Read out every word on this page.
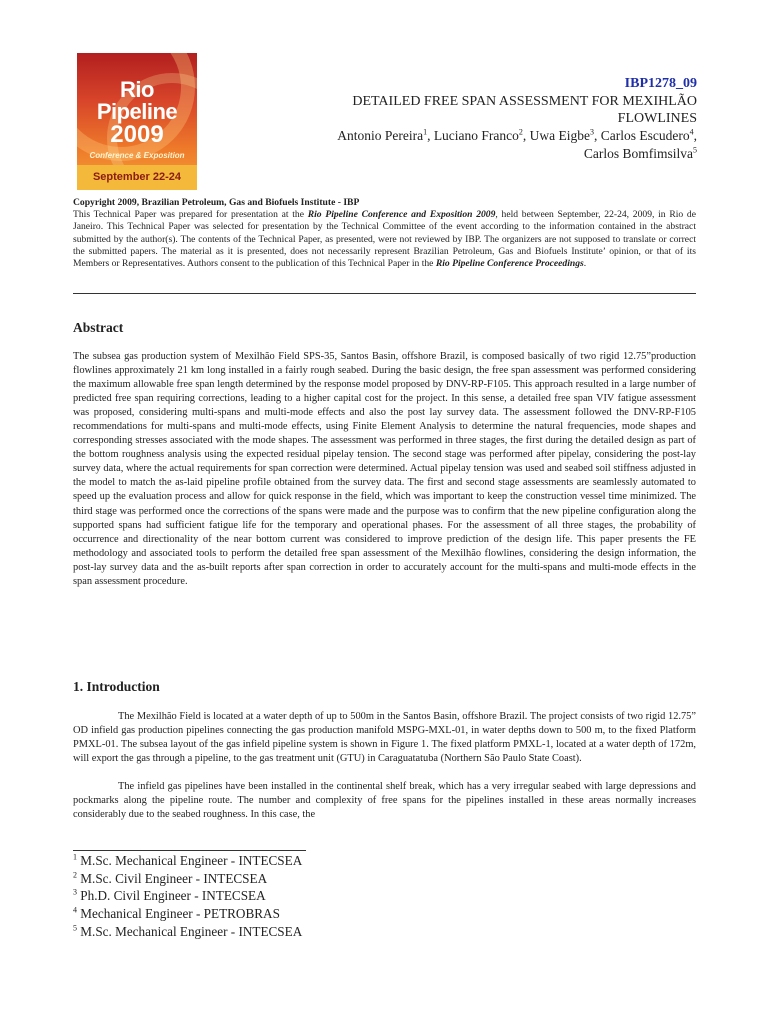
Rio
Pipeline
2009
Conference & Exposition
September 22-24
IBP1278_09
DETAILED FREE SPAN ASSESSMENT FOR MEXIHLÃO
FLOWLINES
Antonio Pereira$^1$, Luciano Franco$^2$, Uwa Eigbe$^3$, Carlos Escudero$^4$,
Carlos Bomfimsilva$^5$
Copyright 2009, Brazilian Petroleum, Gas and Biofuels Institute - IBP
This Technical Paper was prepared for presentation at the Rio Pipeline Conference and Exposition 2009, held between September, 22-24, 2009, in Rio de Janeiro. This Technical Paper was selected for presentation by the Technical Committee of the event according to the information contained in the abstract submitted by the author(s). The contents of the Technical Paper, as presented, were not reviewed by IBP. The organizers are not supposed to translate or correct the submitted papers. The material as it is presented, does not necessarily represent Brazilian Petroleum, Gas and Biofuels Institute’ opinion, or that of its Members or Representatives. Authors consent to the publication of this Technical Paper in the Rio Pipeline Conference Proceedings.
Abstract

The subsea gas production system of Mexilhão Field SPS-35, Santos Basin, offshore Brazil, is composed basically of two rigid 12.75”production flowlines approximately 21 km long installed in a fairly rough seabed. During the basic design, the free span assessment was performed considering the maximum allowable free span length determined by the response model proposed by DNV-RP-F105. This approach resulted in a large number of predicted free span requiring corrections, leading to a higher capital cost for the project. In this sense, a detailed free span VIV fatigue assessment was proposed, considering multi-spans and multi-mode effects and also the post lay survey data. The assessment followed the DNV-RP-F105 recommendations for multi-spans and multi-mode effects, using Finite Element Analysis to determine the natural frequencies, mode shapes and corresponding stresses associated with the mode shapes. The assessment was performed in three stages, the first during the detailed design as part of the bottom roughness analysis using the expected residual pipelay tension. The second stage was performed after pipelay, considering the post-lay survey data, where the actual requirements for span correction were determined. Actual pipelay tension was used and seabed soil stiffness adjusted in the model to match the as-laid pipeline profile obtained from the survey data. The first and second stage assessments are seamlessly automated to speed up the evaluation process and allow for quick response in the field, which was important to keep the construction vessel time minimized. The third stage was performed once the corrections of the spans were made and the purpose was to confirm that the new pipeline configuration along the supported spans had sufficient fatigue life for the temporary and operational phases. For the assessment of all three stages, the probability of occurrence and directionality of the near bottom current was considered to improve prediction of the design life. This paper presents the FE methodology and associated tools to perform the detailed free span assessment of the Mexilhão flowlines, considering the design information, the post-lay survey data and the as-built reports after span correction in order to accurately account for the multi-spans and multi-mode effects in the span assessment procedure.

1. Introduction

The Mexilhão Field is located at a water depth of up to 500m in the Santos Basin, offshore Brazil. The project consists of two rigid 12.75” OD infield gas production pipelines connecting the gas production manifold MSPG-MXL-01, in water depths down to 500 m, to the fixed Platform PMXL-01. The subsea layout of the gas infield pipeline system is shown in Figure 1. The fixed platform PMXL-1, located at a water depth of 172m, will export the gas through a pipeline, to the gas treatment unit (GTU) in Caraguatatuba (Northern São Paulo State Coast).

The infield gas pipelines have been installed in the continental shelf break, which has a very irregular seabed with large depressions and pockmarks along the pipeline route. The number and complexity of free spans for the pipelines installed in these areas normally increases considerably due to the seabed roughness. In this case, the

$^1$ M.Sc. Mechanical Engineer - INTECSEA
$^2$ M.Sc. Civil Engineer - INTECSEA
$^3$ Ph.D. Civil Engineer - INTECSEA
$^4$ Mechanical Engineer - PETROBRAS
$^5$ M.Sc. Mechanical Engineer - INTECSEA
